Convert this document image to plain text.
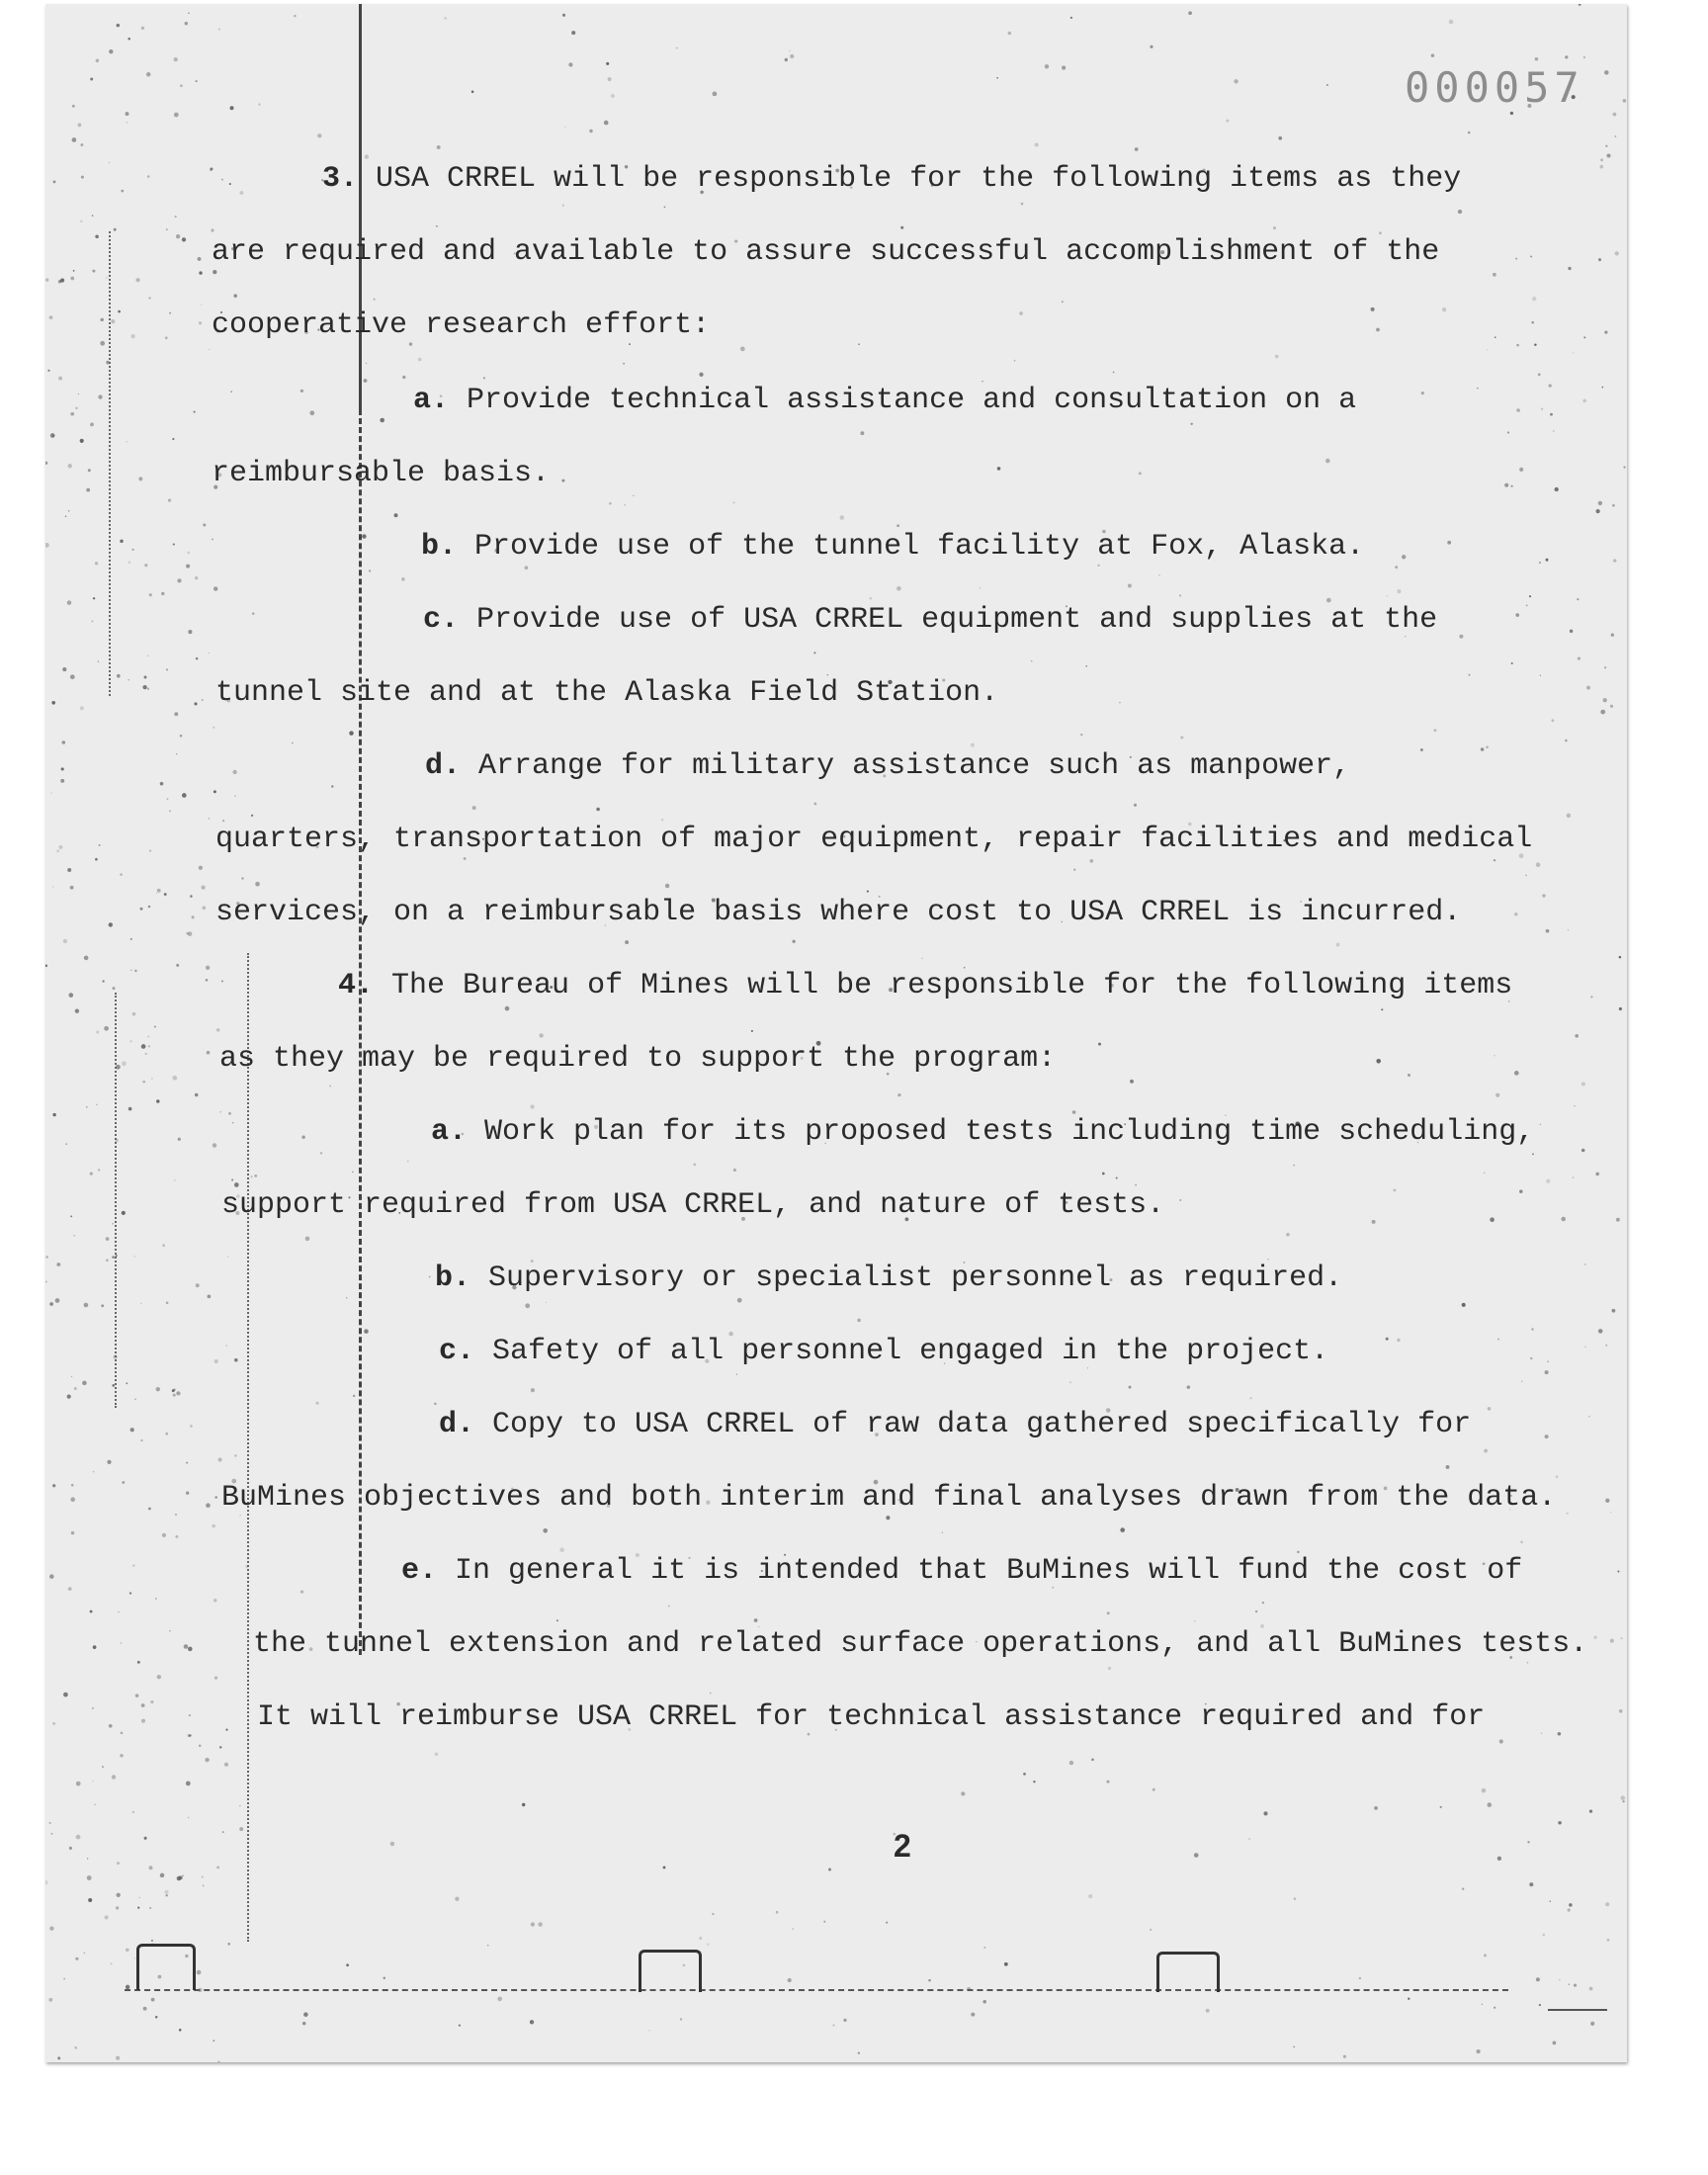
000057
3. USA CRREL will be responsible for the following items as they
are required and available to assure successful accomplishment of the
cooperative research effort:
a. Provide technical assistance and consultation on a
reimbursable basis.
b. Provide use of the tunnel facility at Fox, Alaska.
c. Provide use of USA CRREL equipment and supplies at the
tunnel site and at the Alaska Field Station.
d. Arrange for military assistance such as manpower,
quarters, transportation of major equipment, repair facilities and medical
services, on a reimbursable basis where cost to USA CRREL is incurred.
4. The Bureau of Mines will be responsible for the following items
as they may be required to support the program:
a. Work plan for its proposed tests including time scheduling,
support required from USA CRREL, and nature of tests.
b. Supervisory or specialist personnel as required.
c. Safety of all personnel engaged in the project.
d. Copy to USA CRREL of raw data gathered specifically for
BuMines objectives and both interim and final analyses drawn from the data.
e. In general it is intended that BuMines will fund the cost of
the tunnel extension and related surface operations, and all BuMines tests.
It will reimburse USA CRREL for technical assistance required and for
2
